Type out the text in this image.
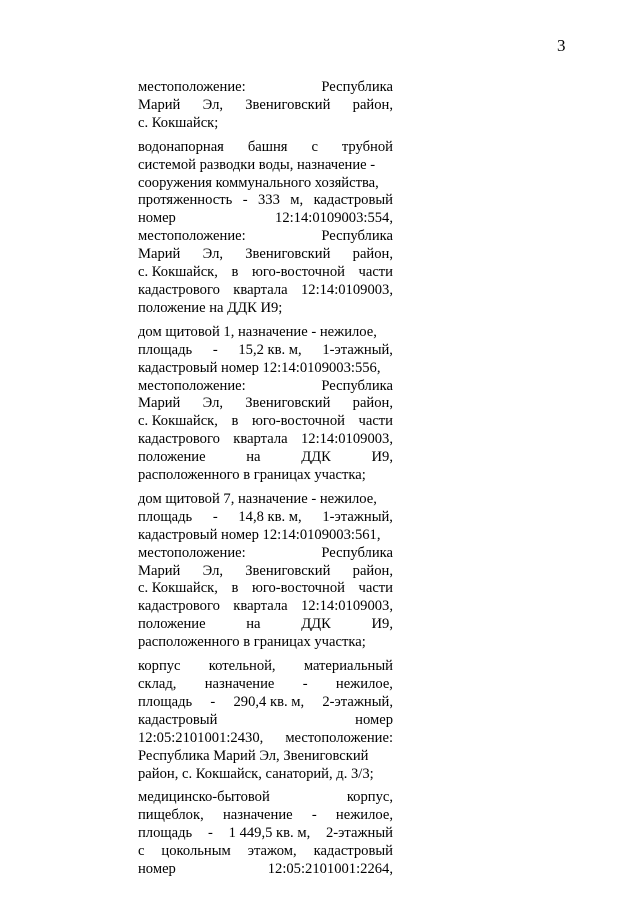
3
местоположение:	Республика
Марий Эл, Звениговский район,
с. Кокшайск;
водонапорная башня с трубной
системой разводки воды, назначение -
сооружения коммунального хозяйства,
протяженность - 333 м, кадастровый
номер	12:14:0109003:554,
местоположение:	Республика
Марий Эл, Звениговский район,
с. Кокшайск, в юго-восточной части
кадастрового квартала 12:14:0109003,
положение на ДДК И9;
дом щитовой 1, назначение - нежилое,
площадь - 15,2 кв. м, 1-этажный,
кадастровый номер 12:14:0109003:556,
местоположение:	Республика
Марий Эл, Звениговский район,
с. Кокшайск, в юго-восточной части
кадастрового квартала 12:14:0109003,
положение	на	ДДК	И9,
расположенного в границах участка;
дом щитовой 7, назначение - нежилое,
площадь - 14,8 кв. м, 1-этажный,
кадастровый номер 12:14:0109003:561,
местоположение:	Республика
Марий Эл, Звениговский район,
с. Кокшайск, в юго-восточной части
кадастрового квартала 12:14:0109003,
положение	на	ДДК	И9,
расположенного в границах участка;
корпус котельной, материальный
склад, назначение - нежилое,
площадь - 290,4 кв. м, 2-этажный,
кадастровый	номер
12:05:2101001:2430, местоположение:
Республика Марий Эл, Звениговский
район, с. Кокшайск, санаторий, д. 3/3;
медицинско-бытовой	корпус,
пищеблок, назначение - нежилое,
площадь - 1 449,5 кв. м, 2-этажный
с цокольным этажом, кадастровый
номер	12:05:2101001:2264,
